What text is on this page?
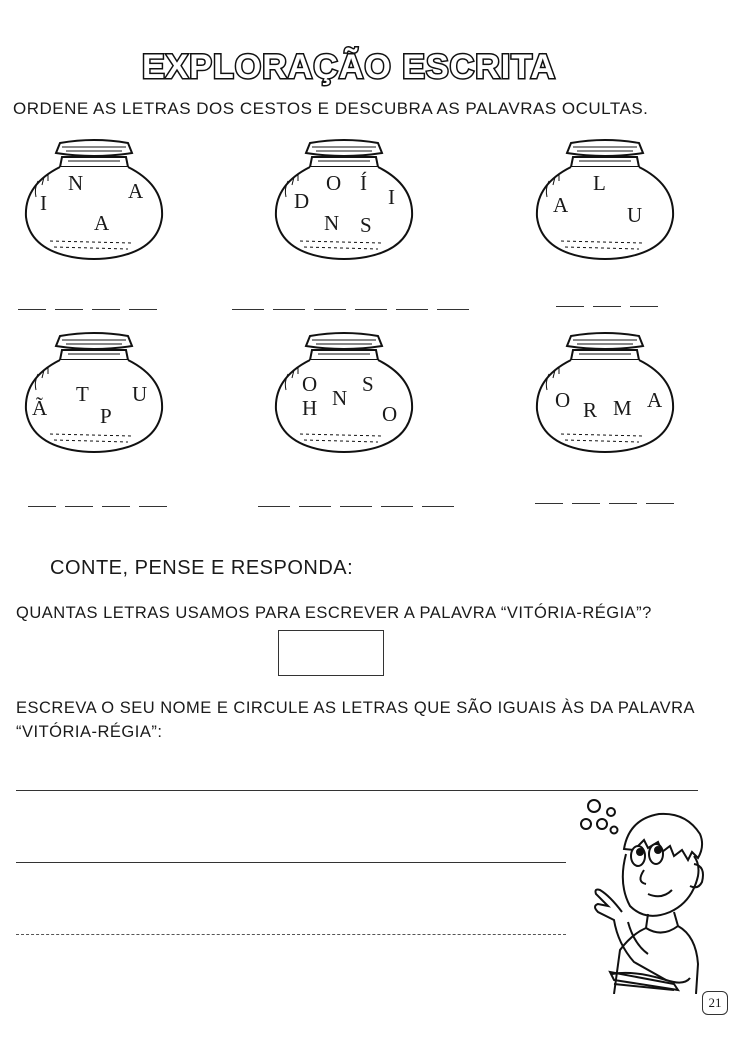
EXPLORAÇÃO ESCRITA
ORDENE AS LETRAS DOS CESTOS E DESCUBRA AS PALAVRAS OCULTAS.
I
N
A
A	D
O Í
I
N S
A
L
U
Ã
T
P
U	O S
H N
O
O R M A
CONTE, PENSE E RESPONDA:
QUANTAS LETRAS USAMOS PARA ESCREVER A PALAVRA “VITÓRIA-RÉGIA”?
ESCREVA O SEU NOME E CIRCULE AS LETRAS QUE SÃO IGUAIS ÀS DA PALAVRA
“VITÓRIA-RÉGIA”:
21
